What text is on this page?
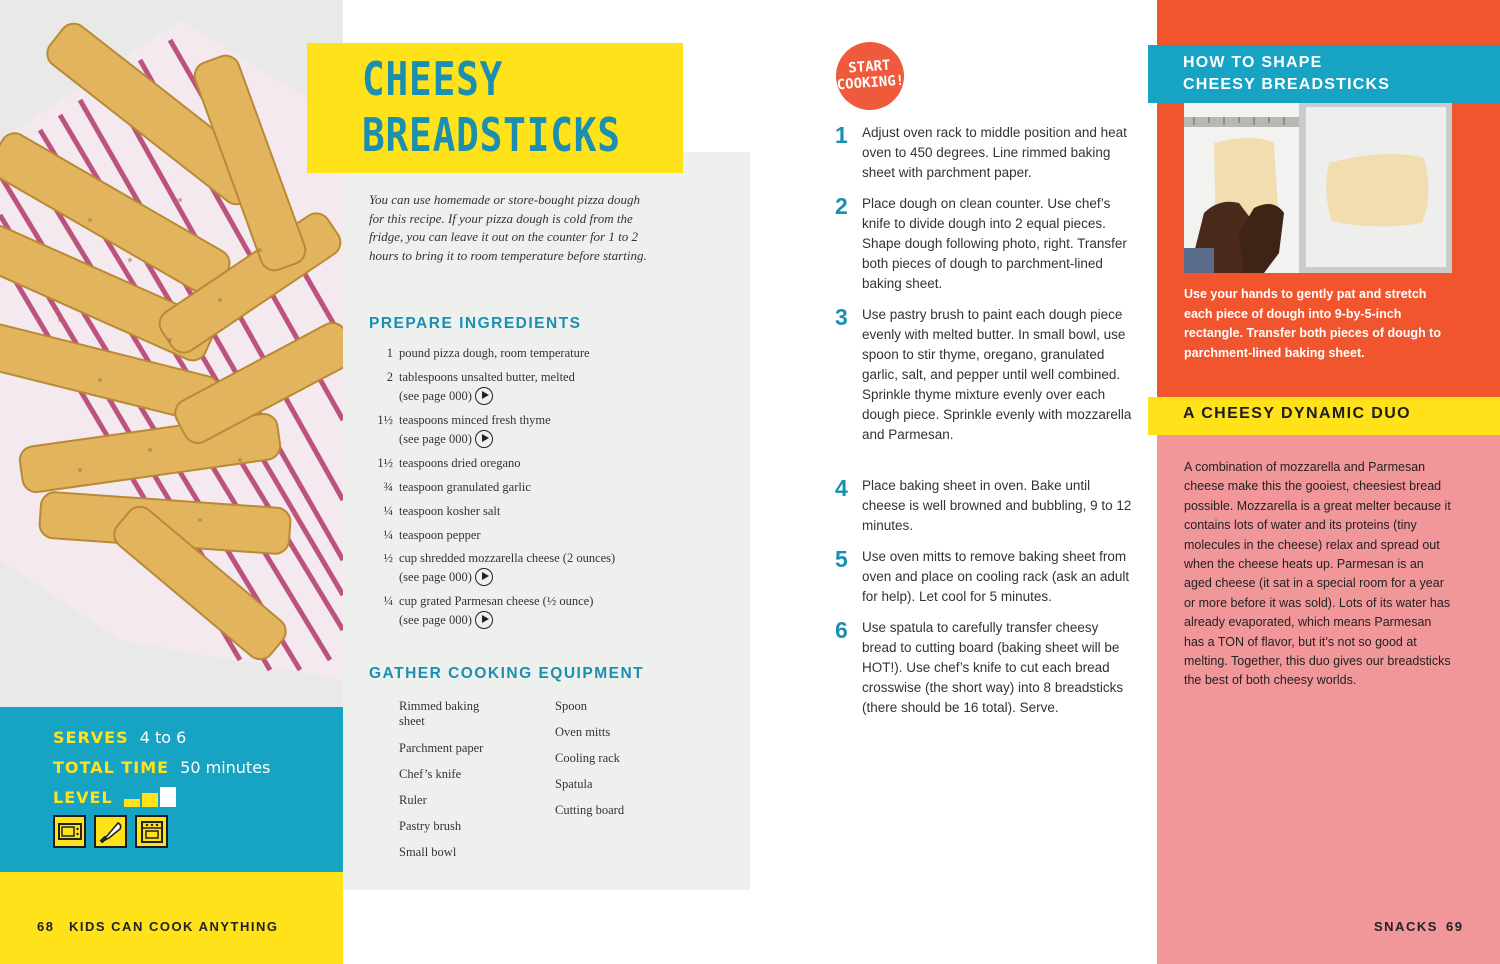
SERVES 4 to 6
TOTAL TIME 50 minutes
LEVEL
68 KIDS CAN COOK ANYTHING
CHEESY
BREADSTICKS
You can use homemade or store-bought pizza dough for this recipe. If your pizza dough is cold from the fridge, you can leave it out on the counter for 1 to 2 hours to bring it to room temperature before starting.
PREPARE INGREDIENTS
1 pound pizza dough, room temperature
2 tablespoons unsalted butter, melted
(see page 000)
1½ teaspoons minced fresh thyme
(see page 000)
1½ teaspoons dried oregano
¾ teaspoon granulated garlic
¼ teaspoon kosher salt
¼ teaspoon pepper
½ cup shredded mozzarella cheese (2 ounces)
(see page 000)
¼ cup grated Parmesan cheese (½ ounce)
(see page 000)
GATHER COOKING EQUIPMENT
Rimmed baking sheet
Parchment paper
Chef’s knife
Ruler
Pastry brush
Small bowl
Spoon
Oven mitts
Cooling rack
Spatula
Cutting board
START
COOKING!
1 Adjust oven rack to middle position and heat oven to 450 degrees. Line rimmed baking sheet with parchment paper.
2 Place dough on clean counter. Use chef’s knife to divide dough into 2 equal pieces. Shape dough following photo, right. Transfer both pieces of dough to parchment-lined baking sheet.
3 Use pastry brush to paint each dough piece evenly with melted butter. In small bowl, use spoon to stir thyme, oregano, granulated garlic, salt, and pepper until well combined. Sprinkle thyme mixture evenly over each dough piece. Sprinkle evenly with mozzarella and Parmesan.
4 Place baking sheet in oven. Bake until cheese is well browned and bubbling, 9 to 12 minutes.
5 Use oven mitts to remove baking sheet from oven and place on cooling rack (ask an adult for help). Let cool for 5 minutes.
6 Use spatula to carefully transfer cheesy bread to cutting board (baking sheet will be HOT!). Use chef’s knife to cut each bread crosswise (the short way) into 8 breadsticks (there should be 16 total). Serve.
HOW TO SHAPE
CHEESY BREADSTICKS
Use your hands to gently pat and stretch each piece of dough into 9-by-5-inch rectangle. Transfer both pieces of dough to parchment-lined baking sheet.
A CHEESY DYNAMIC DUO
A combination of mozzarella and Parmesan cheese make this the gooiest, cheesiest bread possible. Mozzarella is a great melter because it contains lots of water and its proteins (tiny molecules in the cheese) relax and spread out when the cheese heats up. Parmesan is an aged cheese (it sat in a special room for a year or more before it was sold). Lots of its water has already evaporated, which means Parmesan has a TON of flavor, but it’s not so good at melting. Together, this duo gives our breadsticks the best of both cheesy worlds.
SNACKS 69
